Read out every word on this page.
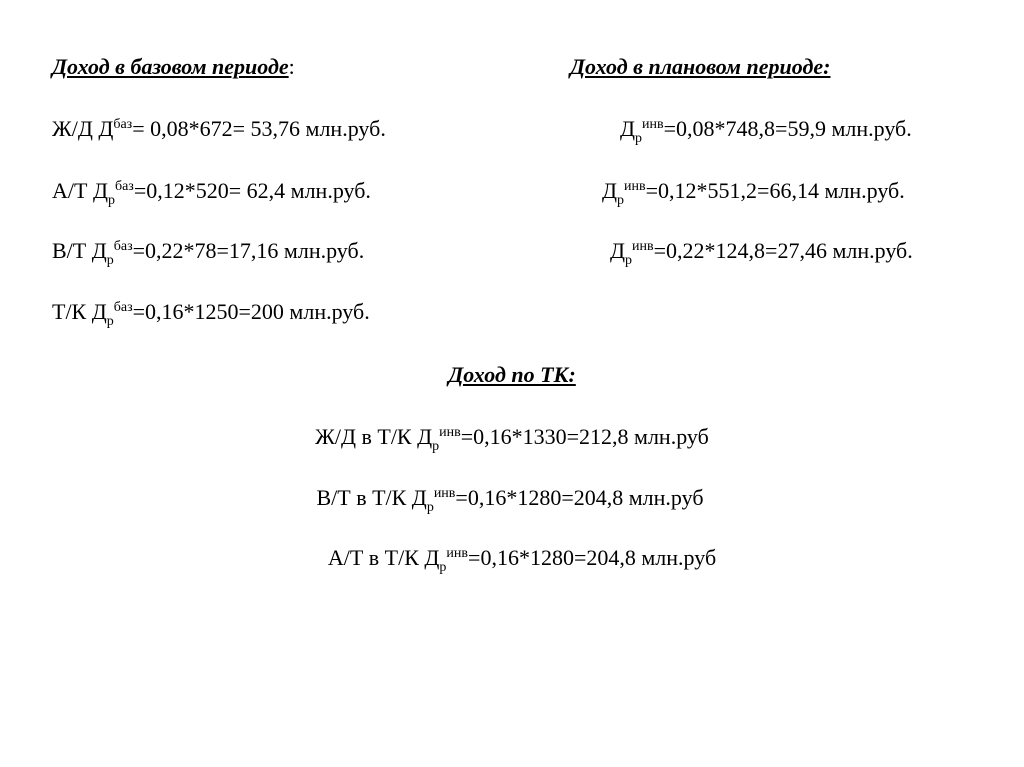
Доход в базовом периоде:	Доход в плановом периоде:
Ж/Д $Д^{баз}= 0,08*672= 53,76$ млн.руб.
А/Т $Д_р^{баз}=0,12*520= 62,4$ млн.руб.
В/Т $Д_р^{баз}=0,22*78=17,16$ млн.руб.
Т/К $Д_р^{баз}=0,16*1250=200$ млн.руб.
$Д_р^{инв}=0,08*748,8=59,9$ млн.руб.
$Д_р^{инв}=0,12*551,2=66,14$ млн.руб.
$Д_р^{инв}=0,22*124,8=27,46$ млн.руб.
Доход по ТК:
Ж/Д в Т/К $Д_р^{инв}=0,16*1330=212,8$ млн.руб
В/Т в Т/К $Д_р^{инв}=0,16*1280=204,8$ млн.руб
А/Т в Т/К $Д_р^{инв}=0,16*1280=204,8$ млн.руб
